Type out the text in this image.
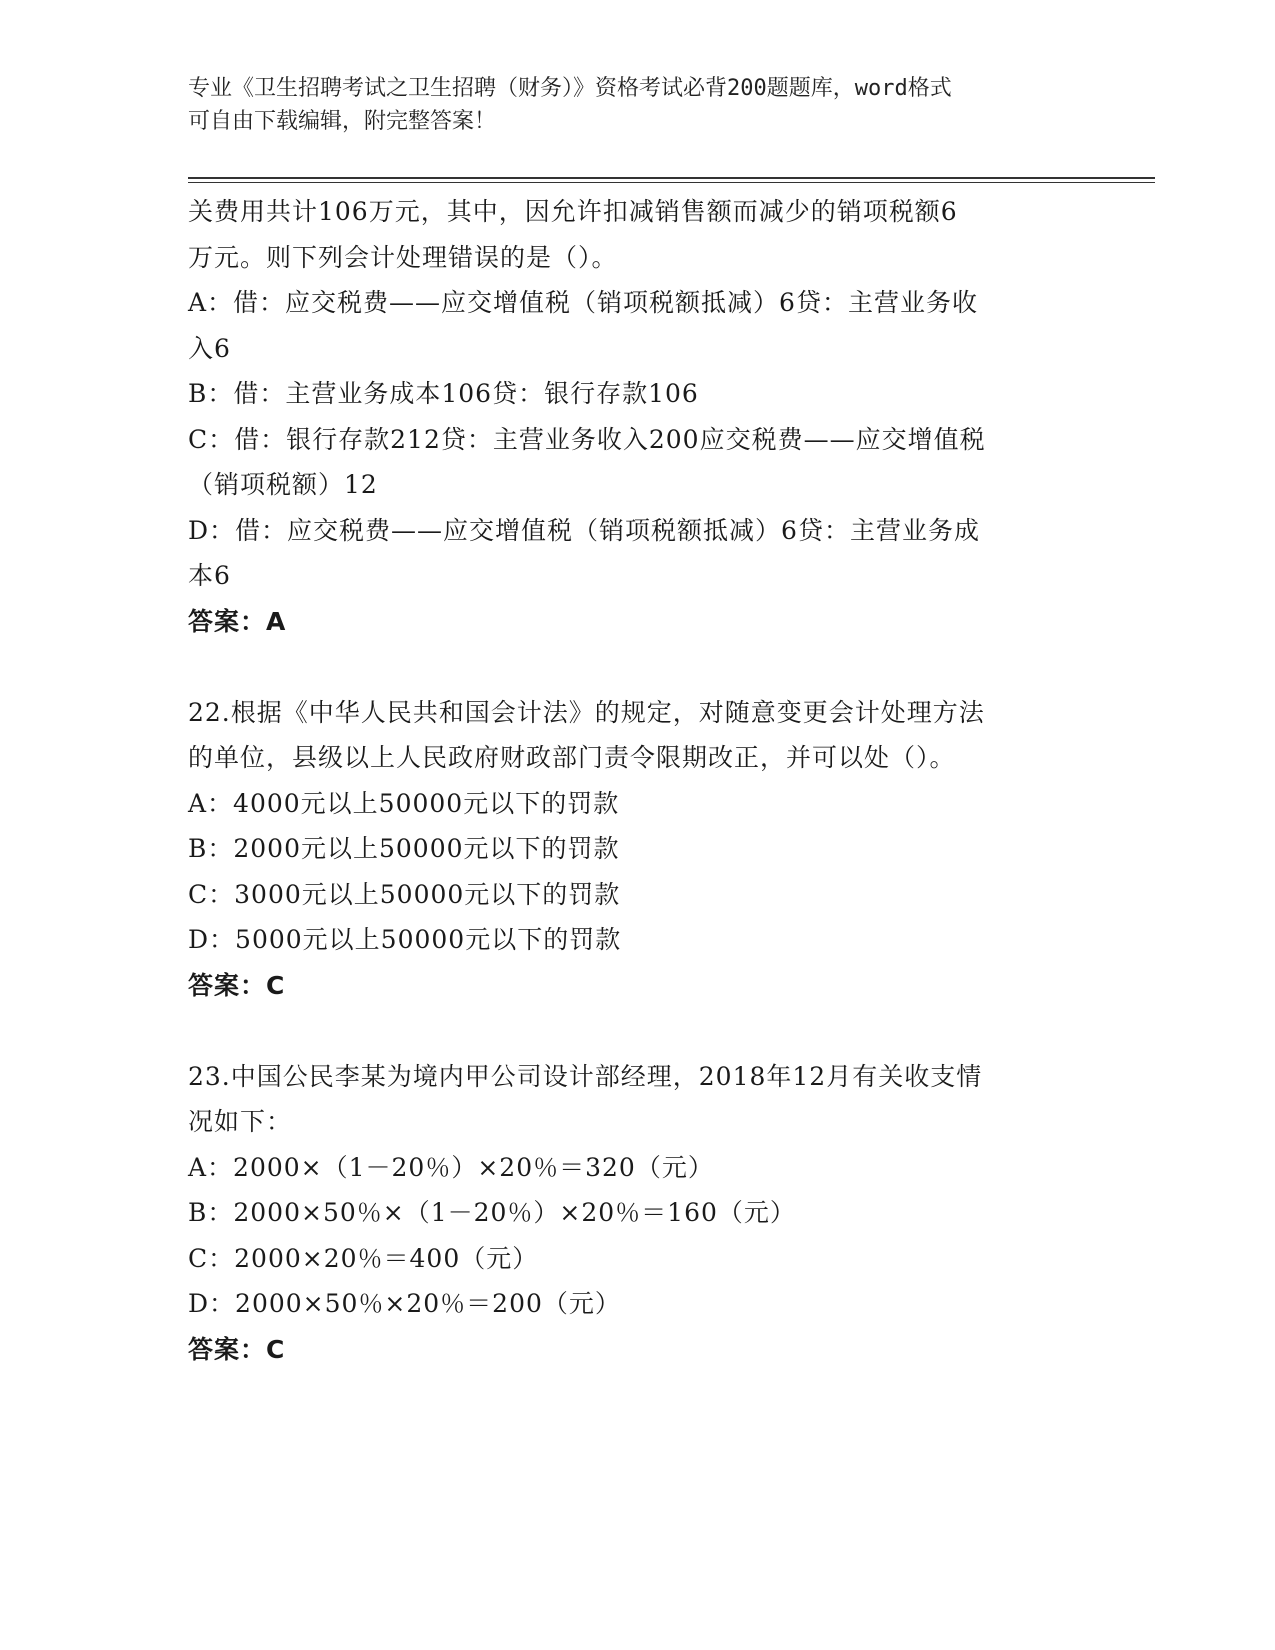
专业《卫生招聘考试之卫生招聘（财务）》资格考试必背200题题库，word格式
可自由下载编辑，附完整答案！
关费用共计106万元，其中，因允许扣减销售额而减少的销项税额6
万元。则下列会计处理错误的是（）。
A：借：应交税费——应交增值税（销项税额抵减）6贷：主营业务收
入6
B：借：主营业务成本106贷：银行存款106
C：借：银行存款212贷：主营业务收入200应交税费——应交增值税
（销项税额）12
D：借：应交税费——应交增值税（销项税额抵减）6贷：主营业务成
本6
答案：A
22.根据《中华人民共和国会计法》的规定，对随意变更会计处理方法
的单位，县级以上人民政府财政部门责令限期改正，并可以处（）。
A：4000元以上50000元以下的罚款
B：2000元以上50000元以下的罚款
C：3000元以上50000元以下的罚款
D：5000元以上50000元以下的罚款
答案：C
23.中国公民李某为境内甲公司设计部经理，2018年12月有关收支情
况如下：
A：2000×（1－20％）×20％＝320（元）
B：2000×50％×（1－20％）×20％＝160（元）
C：2000×20％＝400（元）
D：2000×50％×20％＝200（元）
答案：C
